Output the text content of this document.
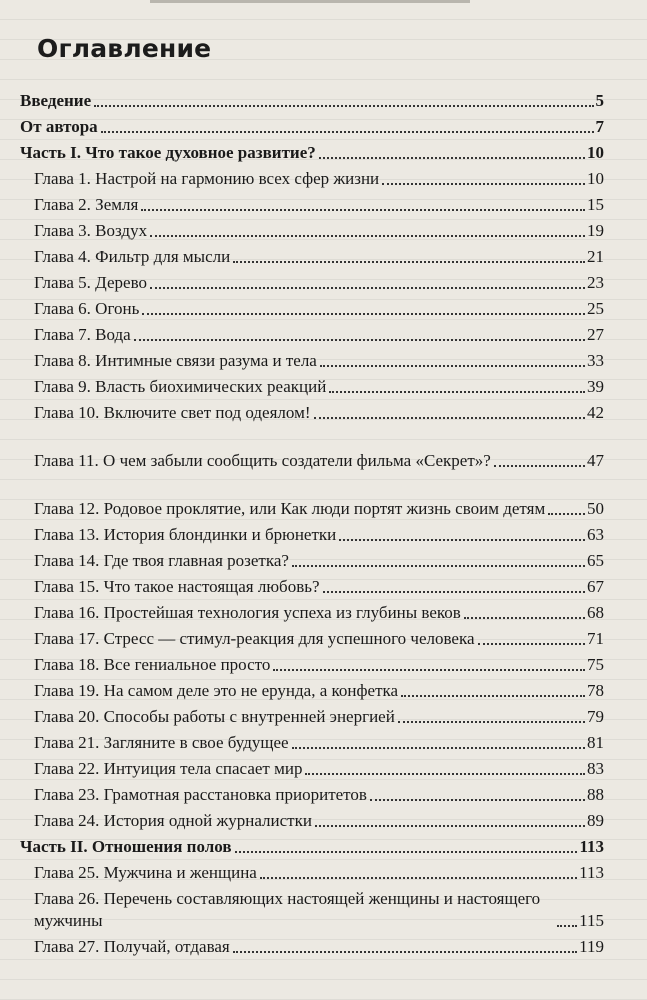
Оглавление
Введение	5
От автора	7
Часть I. Что такое духовное развитие?	10
Глава 1. Настрой на гармонию всех сфер жизни	10
Глава 2. Земля	15
Глава 3. Воздух	19
Глава 4. Фильтр для мысли	21
Глава 5. Дерево	23
Глава 6. Огонь	25
Глава 7. Вода	27
Глава 8. Интимные связи разума и тела	33
Глава 9. Власть биохимических реакций	39
Глава 10. Включите свет под одеялом!	42
Глава 11. О чем забыли сообщить создатели фильма «Секрет»?	47
Глава 12. Родовое проклятие, или Как люди портят жизнь своим детям 50
Глава 13. История блондинки и брюнетки	63
Глава 14. Где твоя главная розетка?	65
Глава 15. Что такое настоящая любовь?	67
Глава 16. Простейшая технология успеха из глубины веков	68
Глава 17. Стресс — стимул-реакция для успешного человека	71
Глава 18. Все гениальное просто	75
Глава 19. На самом деле это не ерунда, а конфетка	78
Глава 20. Способы работы с внутренней энергией	79
Глава 21. Загляните в свое будущее	81
Глава 22. Интуиция тела спасает мир	83
Глава 23. Грамотная расстановка приоритетов	88
Глава 24. История одной журналистки	89
Часть II. Отношения полов	113
Глава 25. Мужчина и женщина	113
Глава 26. Перечень составляющих настоящей женщины и настоящего мужчины	115
Глава 27. Получай, отдавая	119
